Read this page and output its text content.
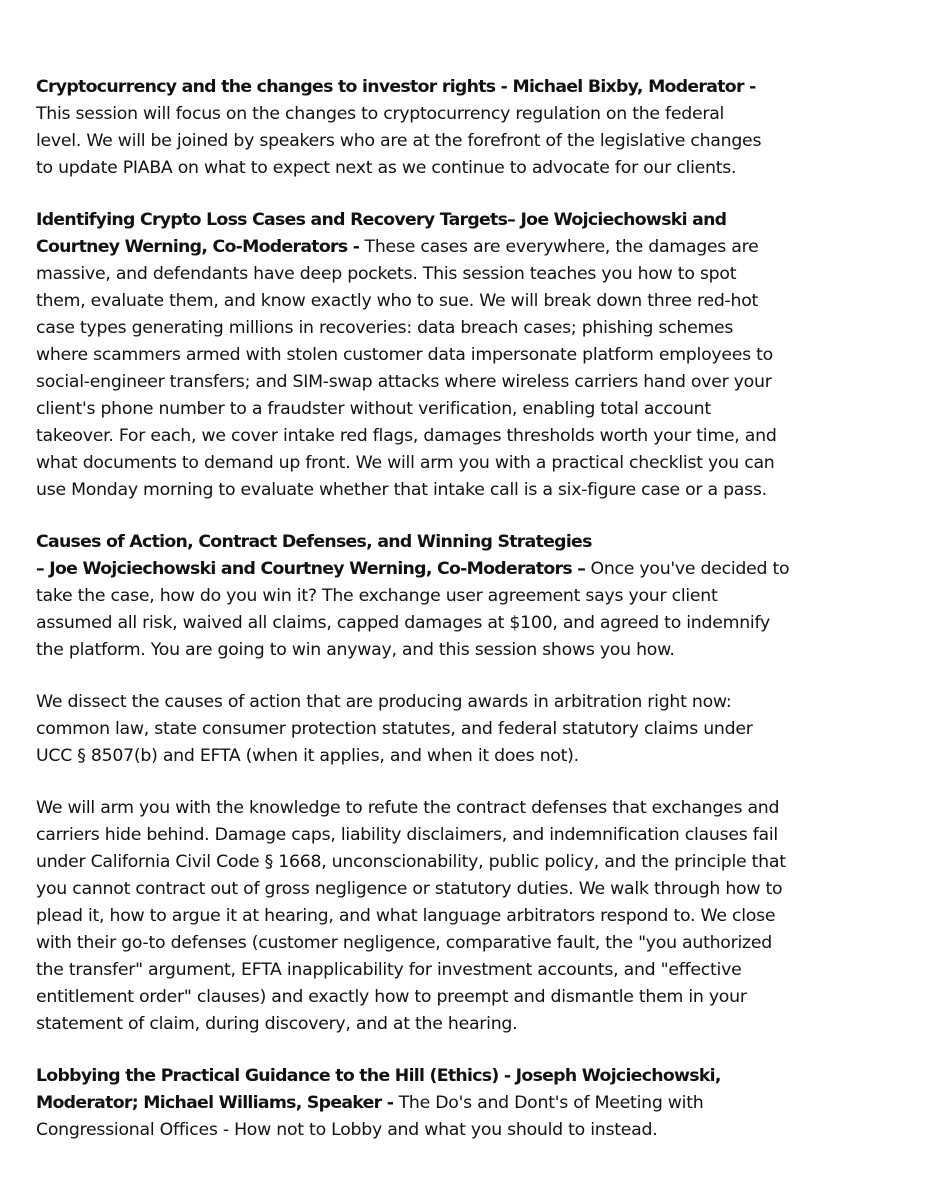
Cryptocurrency and the changes to investor rights - Michael Bixby, Moderator -
This session will focus on the changes to cryptocurrency regulation on the federal
level. We will be joined by speakers who are at the forefront of the legislative changes
to update PIABA on what to expect next as we continue to advocate for our clients.
Identifying Crypto Loss Cases and Recovery Targets– Joe Wojciechowski and
Courtney Werning, Co-Moderators - These cases are everywhere, the damages are
massive, and defendants have deep pockets. This session teaches you how to spot
them, evaluate them, and know exactly who to sue. We will break down three red-hot
case types generating millions in recoveries: data breach cases; phishing schemes
where scammers armed with stolen customer data impersonate platform employees to
social-engineer transfers; and SIM-swap attacks where wireless carriers hand over your
client's phone number to a fraudster without verification, enabling total account
takeover. For each, we cover intake red flags, damages thresholds worth your time, and
what documents to demand up front. We will arm you with a practical checklist you can
use Monday morning to evaluate whether that intake call is a six-figure case or a pass.
Causes of Action, Contract Defenses, and Winning Strategies
– Joe Wojciechowski and Courtney Werning, Co-Moderators – Once you've decided to
take the case, how do you win it? The exchange user agreement says your client
assumed all risk, waived all claims, capped damages at $100, and agreed to indemnify
the platform. You are going to win anyway, and this session shows you how.
We dissect the causes of action that are producing awards in arbitration right now:
common law, state consumer protection statutes, and federal statutory claims under
UCC § 8507(b) and EFTA (when it applies, and when it does not).
We will arm you with the knowledge to refute the contract defenses that exchanges and
carriers hide behind. Damage caps, liability disclaimers, and indemnification clauses fail
under California Civil Code § 1668, unconscionability, public policy, and the principle that
you cannot contract out of gross negligence or statutory duties. We walk through how to
plead it, how to argue it at hearing, and what language arbitrators respond to. We close
with their go-to defenses (customer negligence, comparative fault, the "you authorized
the transfer" argument, EFTA inapplicability for investment accounts, and "effective
entitlement order" clauses) and exactly how to preempt and dismantle them in your
statement of claim, during discovery, and at the hearing.
Lobbying the Practical Guidance to the Hill (Ethics) - Joseph Wojciechowski,
Moderator; Michael Williams, Speaker - The Do's and Dont's of Meeting with
Congressional Offices - How not to Lobby and what you should to instead.
